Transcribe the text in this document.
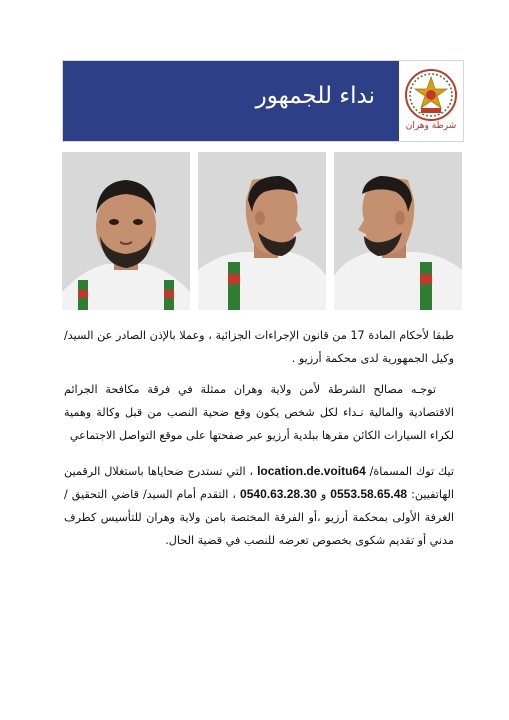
نداء للجمهور
شرطة وهران

طبقا لأحكام المادة 17 من قانون الإجراءات الجزائية ، وعملا بالإذن الصادر عن السيد/ وكيل الجمهورية لدى محكمة أرزيو .

توجـه مصالح الشرطة لأمن ولاية وهران ممثلة في فرقة مكافحة الجرائم الاقتصادية والمالية نـداء لكل شخص يكون وقع ضحية النصب من قبل وكالة وهمية لكراء السيارات الكائن مقرها ببلدية أرزيو عبر صفحتها على موقع التواصل الاجتماعي

تيك توك المسماة/ location.de.voitu64 ، التي تستدرج ضحاياها باستغلال الرقمين الهاتفيين: 0553.58.65.48 و 0540.63.28.30 ، التقدم أمام السيد/ قاضي التحقيق /الغرفة الأولى بمحكمة أرزيو ،أو الفرقة المختصة بامن ولاية وهران للتأسيس كطرف مدني أو تقديم شكوى بخصوص تعرضه للنصب في قضية الحال.
